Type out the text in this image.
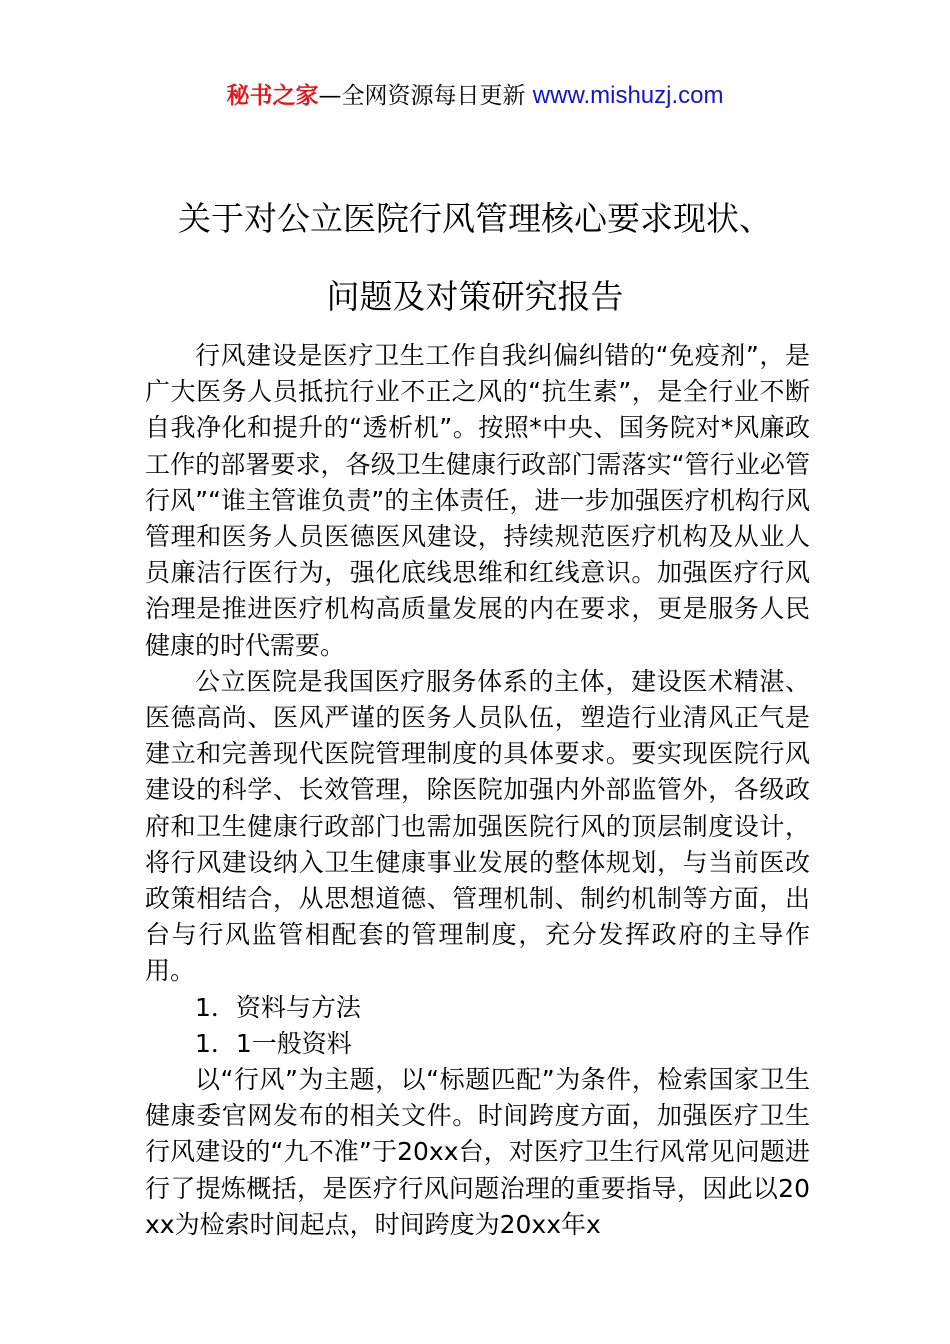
秘书之家—全网资源每日更新 www.mishuzj.com
关于对公立医院行风管理核心要求现状、
问题及对策研究报告

行风建设是医疗卫生工作自我纠偏纠错的“免疫剂”，是广大医务人员抵抗行业不正之风的“抗生素”，是全行业不断自我净化和提升的“透析机”。按照*中央、国务院对*风廉政工作的部署要求，各级卫生健康行政部门需落实“管行业必管行风”“谁主管谁负责”的主体责任，进一步加强医疗机构行风管理和医务人员医德医风建设，持续规范医疗机构及从业人员廉洁行医行为，强化底线思维和红线意识。加强医疗行风治理是推进医疗机构高质量发展的内在要求，更是服务人民健康的时代需要。

公立医院是我国医疗服务体系的主体，建设医术精湛、医德高尚、医风严谨的医务人员队伍，塑造行业清风正气是建立和完善现代医院管理制度的具体要求。要实现医院行风建设的科学、长效管理，除医院加强内外部监管外，各级政府和卫生健康行政部门也需加强医院行风的顶层制度设计，将行风建设纳入卫生健康事业发展的整体规划，与当前医改政策相结合，从思想道德、管理机制、制约机制等方面，出台与行风监管相配套的管理制度，充分发挥政府的主导作用。

1．资料与方法

1．1一般资料

以“行风”为主题，以“标题匹配”为条件，检索国家卫生健康委官网发布的相关文件。时间跨度方面，加强医疗卫生行风建设的“九不准”于20xx台，对医疗卫生行风常见问题进行了提炼概括，是医疗行风问题治理的重要指导，因此以20xx为检索时间起点，时间跨度为20xx年x
